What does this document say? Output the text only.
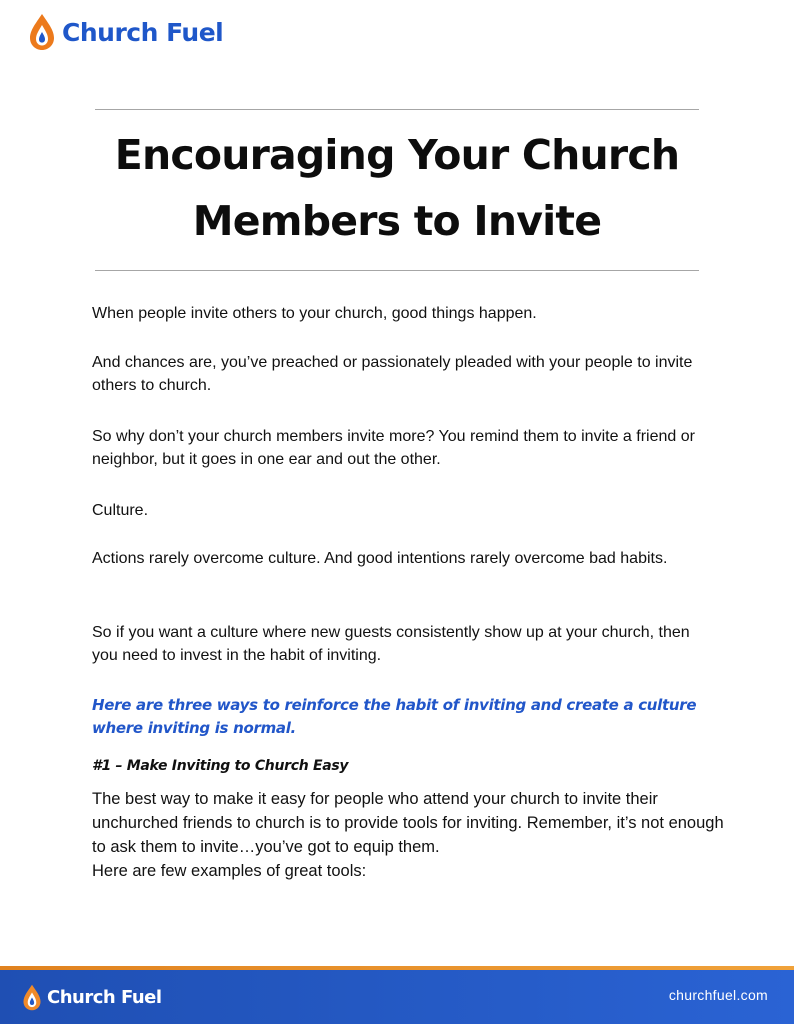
Church Fuel
Encouraging Your Church
Members to Invite

When people invite others to your church, good things happen.

And chances are, you’ve preached or passionately pleaded with your people to invite others to church.

So why don’t your church members invite more? You remind them to invite a friend or neighbor, but it goes in one ear and out the other.

Culture.

Actions rarely overcome culture. And good intentions rarely overcome bad habits.

So if you want a culture where new guests consistently show up at your church, then you need to invest in the habit of inviting.

Here are three ways to reinforce the habit of inviting and create a culture where inviting is normal.

#1 – Make Inviting to Church Easy

The best way to make it easy for people who attend your church to invite their unchurched friends to church is to provide tools for inviting. Remember, it’s not enough to ask them to invite…you’ve got to equip them.
Here are few examples of great tools:

Church Fuel	churchfuel.com
